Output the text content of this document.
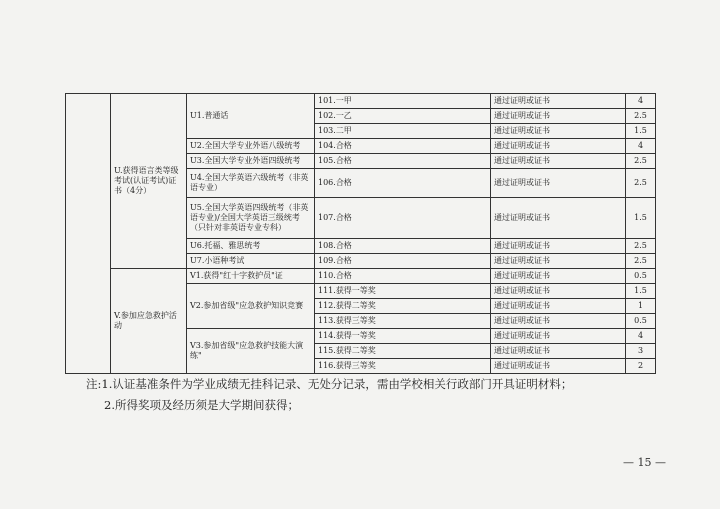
	U.获得语言类等级考试(认证考试)证书（4分）	U1.普通话	101.一甲	通过证明或证书	4
			102.一乙	通过证明或证书	2.5
			103.二甲	通过证明或证书	1.5
		U2.全国大学专业外语八级统考	104.合格	通过证明或证书	4
		U3.全国大学专业外语四级统考	105.合格	通过证明或证书	2.5
		U4.全国大学英语六级统考（非英语专业）	106.合格	通过证明或证书	2.5
		U5.全国大学英语四级统考（非英语专业)/全国大学英语三级统考（只针对非英语专业专科）	107.合格	通过证明或证书	1.5
		U6.托福、雅思统考	108.合格	通过证明或证书	2.5
		U7.小语种考试	109.合格	通过证明或证书	2.5
	V.参加应急救护活动	V1.获得"红十字救护员"证	110.合格	通过证明或证书	0.5
		V2.参加省级"应急救护知识竞赛	111.获得一等奖	通过证明或证书	1.5
			112.获得二等奖	通过证明或证书	1
			113.获得三等奖	通过证明或证书	0.5
		V3.参加省级"应急救护技能大演练"	114.获得一等奖	通过证明或证书	4
			115.获得二等奖	通过证明或证书	3
			116.获得三等奖	通过证明或证书	2

注:1.认证基准条件为学业成绩无挂科记录、无处分记录，需由学校相关行政部门开具证明材料；

2.所得奖项及经历须是大学期间获得；

— 15 —
